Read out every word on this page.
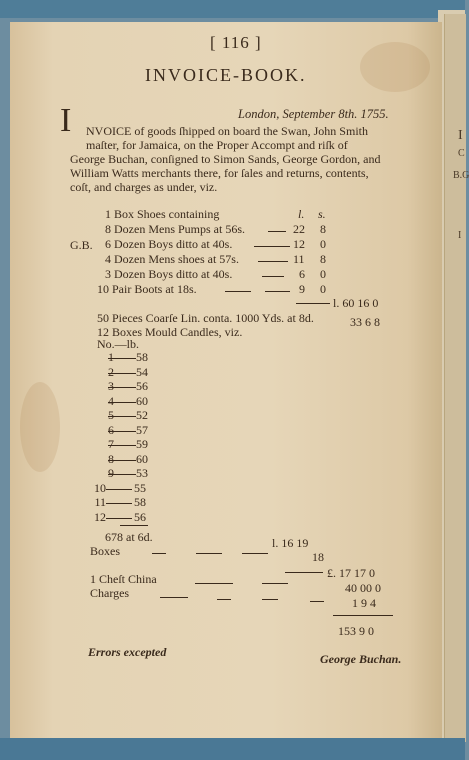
I
C
B.G
I
[ 116 ]
INVOICE-BOOK.
London, September 8th. 1755.
I NVOICE of goods ſhipped on board the Swan, John Smith
maſter, for Jamaica, on the Proper Accompt and riſk of
George Buchan, conſigned to Simon Sands, George Gordon, and
William Watts merchants there, for ſales and returns, contents,
coſt, and charges as under, viz.
G.B.
l. s.
1 Box Shoes containing
8 Dozen Mens Pumps at 56s.	22 8
6 Dozen Boys ditto at 40s.	12 0
4 Dozen Mens shoes at 57s.	11 8
3 Dozen Boys ditto at 40s.	6 0
10 Pair Boots at 18s.	9 0
l. 60 16 0
50 Pieces Coarſe Lin. conta. 1000 Yds. at 8d.	33 6 8
12 Boxes Mould Candles, viz.
No.—lb.
1 58
2 54
3 56
4 60
5 52
6 57
7 59
8 60
9 53
10 55
11 58
12 56
678 at 6d.	l. 16 19
Boxes	18
£. 17 17 0
1 Cheſt China
40 00 0
Charges
1 9 4
153 9 0
Errors excepted	George Buchan.
